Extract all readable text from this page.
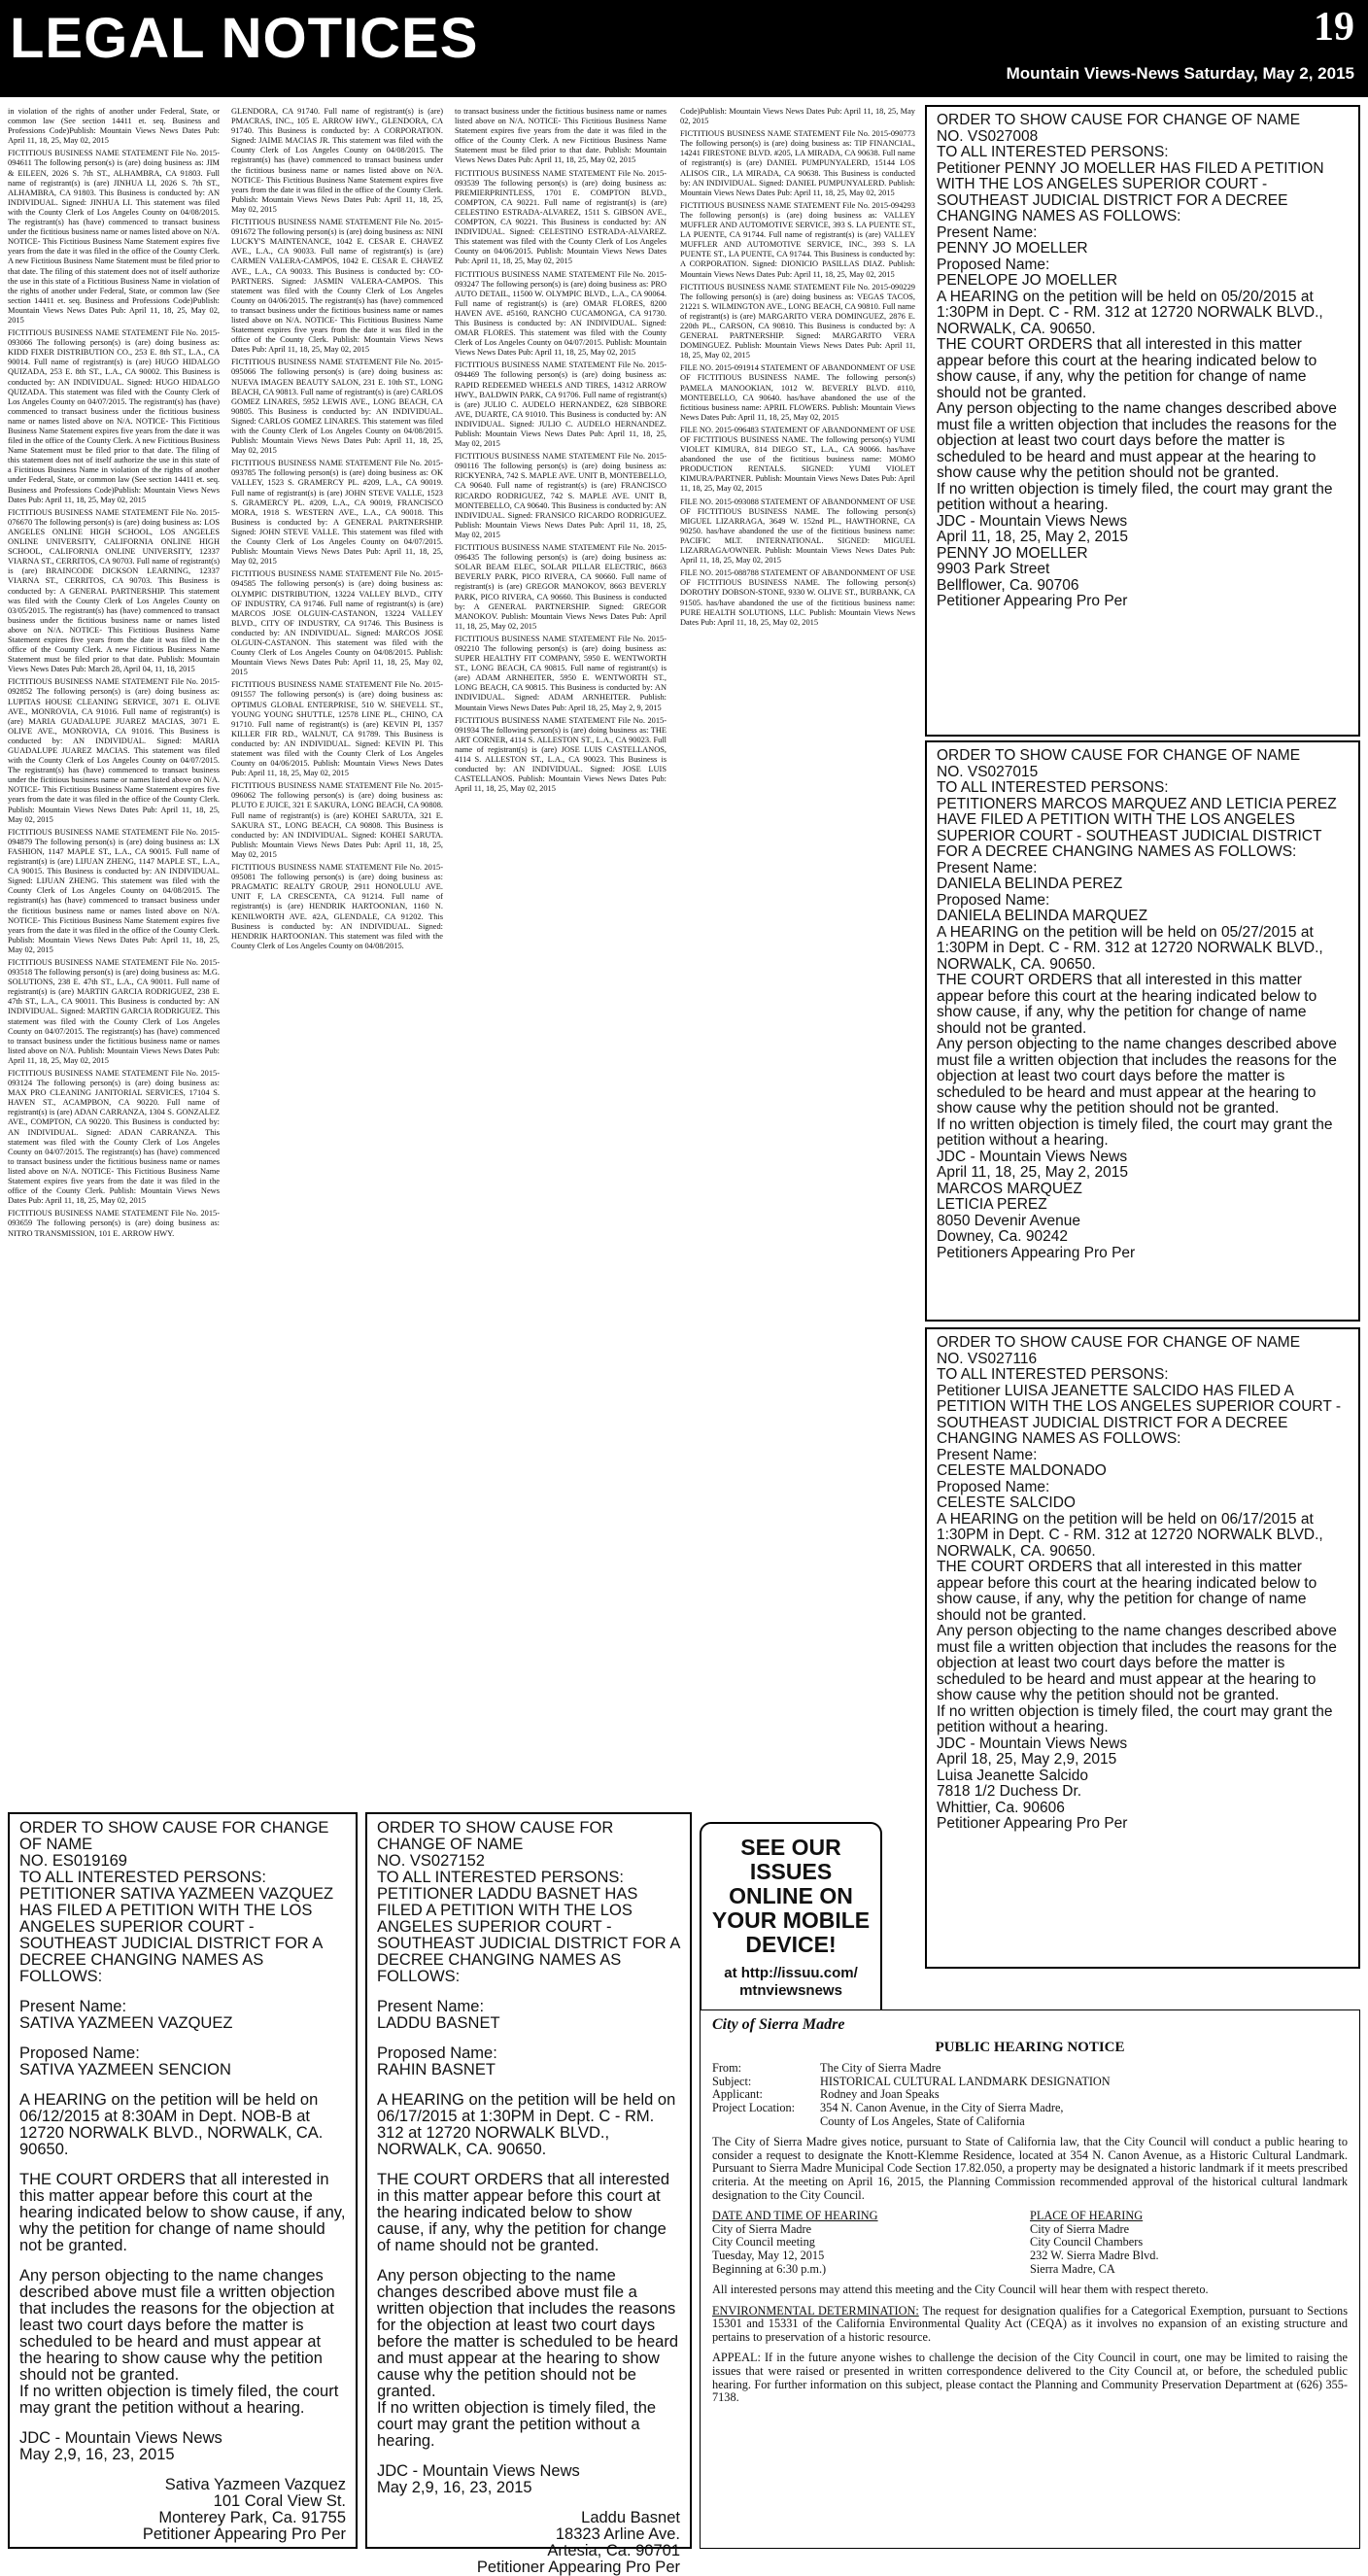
LEGAL NOTICES	19
Mountain Views-News Saturday, May 2, 2015

in violation of the rights of another under Federal, State, or common law (See section 14411 et. seq. Business and Professions Code)Publish: Mountain Views News Dates Pub: April 11, 18, 25, May 02, 2015

FICTITIOUS BUSINESS NAME STATEMENT File No. 2015-094611 The following person(s) is (are) doing business as: JIM & EILEEN, 2026 S. 7th ST., ALHAMBRA, CA 91803. Full name of registrant(s) is (are) JINHUA LI, 2026 S. 7th ST., ALHAMBRA, CA 91803. This Business is conducted by: AN INDIVIDUAL. Signed: JINHUA LI. This statement was filed with the County Clerk of Los Angeles County on 04/08/2015. The registrant(s) has (have) commenced to transact business under the fictitious business name or names listed above on N/A. NOTICE- This Fictitious Business Name Statement expires five years from the date it was filed in the office of the County Clerk. A new Fictitious Business Name Statement must be filed prior to that date. The filing of this statement does not of itself authorize the use in this state of a Fictitious Business Name in violation of the rights of another under Federal, State, or common law (See section 14411 et. seq. Business and Professions Code)Publish: Mountain Views News Dates Pub: April 11, 18, 25, May 02, 2015

FICTITIOUS BUSINESS NAME STATEMENT File No. 2015-093066 The following person(s) is (are) doing business as: KIDD FIXER DISTRIBUTION CO., 253 E. 8th ST., L.A., CA 90014. Full name of registrant(s) is (are) HUGO HIDALGO QUIZADA, 253 E. 8th ST., L.A., CA 90002. This Business is conducted by: AN INDIVIDUAL. Signed: HUGO HIDALGO QUIZADA. This statement was filed with the County Clerk of Los Angeles County on 04/07/2015. The registrant(s) has (have) commenced to transact business under the fictitious business name or names listed above on N/A. NOTICE- This Fictitious Business Name Statement expires five years from the date it was filed in the office of the County Clerk. A new Fictitious Business Name Statement must be filed prior to that date. The filing of this statement does not of itself authorize the use in this state of a Fictitious Business Name in violation of the rights of another under Federal, State, or common law (See section 14411 et. seq. Business and Professions Code)Publish: Mountain Views News Dates Pub: April 11, 18, 25, May 02, 2015

FICTITIOUS BUSINESS NAME STATEMENT File No. 2015-076670 The following person(s) is (are) doing business as: LOS ANGELES ONLINE HIGH SCHOOL, LOS ANGELES ONLINE UNIVERSITY, CALIFORNIA ONLINE HIGH SCHOOL, CALIFORNIA ONLINE UNIVERSITY, 12337 VIARNA ST., CERRITOS, CA 90703. Full name of registrant(s) is (are) BRAINCODE DICKSON LEARNING, 12337 VIARNA ST., CERRITOS, CA 90703. This Business is conducted by: A GENERAL PARTNERSHIP. This statement was filed with the County Clerk of Los Angeles County on 03/05/2015. The registrant(s) has (have) commenced to transact business under the fictitious business name or names listed above on N/A. NOTICE- This Fictitious Business Name Statement expires five years from the date it was filed in the office of the County Clerk. A new Fictitious Business Name Statement must be filed prior to that date. Publish: Mountain Views News Dates Pub: March 28, April 04, 11, 18, 2015

FICTITIOUS BUSINESS NAME STATEMENT File No. 2015-092852 The following person(s) is (are) doing business as: LUPITAS HOUSE CLEANING SERVICE, 3071 E. OLIVE AVE., MONROVIA, CA 91016. Full name of registrant(s) is (are) MARIA GUADALUPE JUAREZ MACIAS, 3071 E. OLIVE AVE., MONROVIA, CA 91016. This Business is conducted by: AN INDIVIDUAL. Signed: MARIA GUADALUPE JUAREZ MACIAS. This statement was filed with the County Clerk of Los Angeles County on 04/07/2015. The registrant(s) has (have) commenced to transact business under the fictitious business name or names listed above on N/A. NOTICE- This Fictitious Business Name Statement expires five years from the date it was filed in the office of the County Clerk. Publish: Mountain Views News Dates Pub: April 11, 18, 25, May 02, 2015

FICTITIOUS BUSINESS NAME STATEMENT File No. 2015-094879 The following person(s) is (are) doing business as: LX FASHION, 1147 MAPLE ST., L.A., CA 90015. Full name of registrant(s) is (are) LIJUAN ZHENG, 1147 MAPLE ST., L.A., CA 90015. This Business is conducted by: AN INDIVIDUAL. Signed: LIJUAN ZHENG. This statement was filed with the County Clerk of Los Angeles County on 04/08/2015. The registrant(s) has (have) commenced to transact business under the fictitious business name or names listed above on N/A. NOTICE- This Fictitious Business Name Statement expires five years from the date it was filed in the office of the County Clerk. Publish: Mountain Views News Dates Pub: April 11, 18, 25, May 02, 2015

FICTITIOUS BUSINESS NAME STATEMENT File No. 2015-093518 The following person(s) is (are) doing business as: M.G. SOLUTIONS, 238 E. 47th ST., L.A., CA 90011. Full name of registrant(s) is (are) MARTIN GARCIA RODRIGUEZ, 238 E. 47th ST., L.A., CA 90011. This Business is conducted by: AN INDIVIDUAL. Signed: MARTIN GARCIA RODRIGUEZ. This statement was filed with the County Clerk of Los Angeles County on 04/07/2015. The registrant(s) has (have) commenced to transact business under the fictitious business name or names listed above on N/A. Publish: Mountain Views News Dates Pub: April 11, 18, 25, May 02, 2015

FICTITIOUS BUSINESS NAME STATEMENT File No. 2015-093124 The following person(s) is (are) doing business as: MAX PRO CLEANING JANITORIAL SERVICES, 17104 S. HAVEN ST., ACAMPBON, CA 90220. Full name of registrant(s) is (are) ADAN CARRANZA, 1304 S. GONZALEZ AVE., COMPTON, CA 90220. This Business is conducted by: AN INDIVIDUAL. Signed: ADAN CARRANZA. This statement was filed with the County Clerk of Los Angeles County on 04/07/2015. The registrant(s) has (have) commenced to transact business under the fictitious business name or names listed above on N/A. NOTICE- This Fictitious Business Name Statement expires five years from the date it was filed in the office of the County Clerk. Publish: Mountain Views News Dates Pub: April 11, 18, 25, May 02, 2015

FICTITIOUS BUSINESS NAME STATEMENT File No. 2015-093659 The following person(s) is (are) doing business as: NITRO TRANSMISSION, 101 E. ARROW HWY.

GLENDORA, CA 91740. Full name of registrant(s) is (are) PMACRAS, INC., 105 E. ARROW HWY., GLENDORA, CA 91740. This Business is conducted by: A CORPORATION. Signed: JAIME MACIAS JR. This statement was filed with the County Clerk of Los Angeles County on 04/08/2015. The registrant(s) has (have) commenced to transact business under the fictitious business name or names listed above on N/A. NOTICE- This Fictitious Business Name Statement expires five years from the date it was filed in the office of the County Clerk. Publish: Mountain Views News Dates Pub: April 11, 18, 25, May 02, 2015

FICTITIOUS BUSINESS NAME STATEMENT File No. 2015-091672 The following person(s) is (are) doing business as: NINI LUCKY'S MAINTENANCE, 1042 E. CESAR E. CHAVEZ AVE., L.A., CA 90033. Full name of registrant(s) is (are) CARMEN VALERA-CAMPOS, 1042 E. CESAR E. CHAVEZ AVE., L.A., CA 90033. This Business is conducted by: CO-PARTNERS. Signed: JASMIN VALERA-CAMPOS. This statement was filed with the County Clerk of Los Angeles County on 04/06/2015. The registrant(s) has (have) commenced to transact business under the fictitious business name or names listed above on N/A. NOTICE- This Fictitious Business Name Statement expires five years from the date it was filed in the office of the County Clerk. Publish: Mountain Views News Dates Pub: April 11, 18, 25, May 02, 2015

FICTITIOUS BUSINESS NAME STATEMENT File No. 2015-095066 The following person(s) is (are) doing business as: NUEVA IMAGEN BEAUTY SALON, 231 E. 10th ST., LONG BEACH, CA 90813. Full name of registrant(s) is (are) CARLOS GOMEZ LINARES, 5952 LEWIS AVE., LONG BEACH, CA 90805. This Business is conducted by: AN INDIVIDUAL. Signed: CARLOS GOMEZ LINARES. This statement was filed with the County Clerk of Los Angeles County on 04/08/2015. Publish: Mountain Views News Dates Pub: April 11, 18, 25, May 02, 2015

FICTITIOUS BUSINESS NAME STATEMENT File No. 2015-093785 The following person(s) is (are) doing business as: OK VALLEY, 1523 S. GRAMERCY PL. #209, L.A., CA 90019. Full name of registrant(s) is (are) JOHN STEVE VALLE, 1523 S. GRAMERCY PL. #209, L.A., CA 90019, FRANCISCO MORA, 1918 S. WESTERN AVE., L.A., CA 90018. This Business is conducted by: A GENERAL PARTNERSHIP. Signed: JOHN STEVE VALLE. This statement was filed with the County Clerk of Los Angeles County on 04/07/2015. Publish: Mountain Views News Dates Pub: April 11, 18, 25, May 02, 2015

FICTITIOUS BUSINESS NAME STATEMENT File No. 2015-094585 The following person(s) is (are) doing business as: OLYMPIC DISTRIBUTION, 13224 VALLEY BLVD., CITY OF INDUSTRY, CA 91746. Full name of registrant(s) is (are) MARCOS JOSE OLGUIN-CASTANON, 13224 VALLEY BLVD., CITY OF INDUSTRY, CA 91746. This Business is conducted by: AN INDIVIDUAL. Signed: MARCOS JOSE OLGUIN-CASTANON. This statement was filed with the County Clerk of Los Angeles County on 04/08/2015. Publish: Mountain Views News Dates Pub: April 11, 18, 25, May 02, 2015

FICTITIOUS BUSINESS NAME STATEMENT File No. 2015-091557 The following person(s) is (are) doing business as: OPTIMUS GLOBAL ENTERPRISE, 510 W. SHEVELL ST., YOUNG YOUNG SHUTTLE, 12578 LINE PL., CHINO, CA 91710. Full name of registrant(s) is (are) KEVIN PI, 1357 KILLER FIR RD., WALNUT, CA 91789. This Business is conducted by: AN INDIVIDUAL. Signed: KEVIN PI. This statement was filed with the County Clerk of Los Angeles County on 04/06/2015. Publish: Mountain Views News Dates Pub: April 11, 18, 25, May 02, 2015

FICTITIOUS BUSINESS NAME STATEMENT File No. 2015-096062 The following person(s) is (are) doing business as: PLUTO E JUICE, 321 E SAKURA, LONG BEACH, CA 90808. Full name of registrant(s) is (are) KOHEI SARUTA, 321 E. SAKURA ST., LONG BEACH, CA 90808. This Business is conducted by: AN INDIVIDUAL. Signed: KOHEI SARUTA. Publish: Mountain Views News Dates Pub: April 11, 18, 25, May 02, 2015

FICTITIOUS BUSINESS NAME STATEMENT File No. 2015-095081 The following person(s) is (are) doing business as: PRAGMATIC REALTY GROUP, 2911 HONOLULU AVE. UNIT F, LA CRESCENTA, CA 91214. Full name of registrant(s) is (are) HENDRIK HARTOONIAN, 1160 N. KENILWORTH AVE. #2A, GLENDALE, CA 91202. This Business is conducted by: AN INDIVIDUAL. Signed: HENDRIK HARTOONIAN. This statement was filed with the County Clerk of Los Angeles County on 04/08/2015.

to transact business under the fictitious business name or names listed above on N/A. NOTICE- This Fictitious Business Name Statement expires five years from the date it was filed in the office of the County Clerk. A new Fictitious Business Name Statement must be filed prior to that date. Publish: Mountain Views News Dates Pub: April 11, 18, 25, May 02, 2015

FICTITIOUS BUSINESS NAME STATEMENT File No. 2015-093539 The following person(s) is (are) doing business as: PREMIERPRINTLESS, 1701 E. COMPTON BLVD., COMPTON, CA 90221. Full name of registrant(s) is (are) CELESTINO ESTRADA-ALVAREZ, 1511 S. GIBSON AVE., COMPTON, CA 90221. This Business is conducted by: AN INDIVIDUAL. Signed: CELESTINO ESTRADA-ALVAREZ. This statement was filed with the County Clerk of Los Angeles County on 04/06/2015. Publish: Mountain Views News Dates Pub: April 11, 18, 25, May 02, 2015

FICTITIOUS BUSINESS NAME STATEMENT File No. 2015-093247 The following person(s) is (are) doing business as: PRO AUTO DETAIL, 11500 W. OLYMPIC BLVD., L.A., CA 90064. Full name of registrant(s) is (are) OMAR FLORES, 8200 HAVEN AVE. #5160, RANCHO CUCAMONGA, CA 91730. This Business is conducted by: AN INDIVIDUAL. Signed: OMAR FLORES. This statement was filed with the County Clerk of Los Angeles County on 04/07/2015. Publish: Mountain Views News Dates Pub: April 11, 18, 25, May 02, 2015

FICTITIOUS BUSINESS NAME STATEMENT File No. 2015-094469 The following person(s) is (are) doing business as: RAPID REDEEMED WHEELS AND TIRES, 14312 ARROW HWY., BALDWIN PARK, CA 91706. Full name of registrant(s) is (are) JULIO C. AUDELO HERNANDEZ, 628 SIBBORE AVE, DUARTE, CA 91010. This Business is conducted by: AN INDIVIDUAL. Signed: JULIO C. AUDELO HERNANDEZ. Publish: Mountain Views News Dates Pub: April 11, 18, 25, May 02, 2015

FICTITIOUS BUSINESS NAME STATEMENT File No. 2015-090116 The following person(s) is (are) doing business as: RICKYENRA, 742 S. MAPLE AVE. UNIT B, MONTEBELLO, CA 90640. Full name of registrant(s) is (are) FRANCISCO RICARDO RODRIGUEZ, 742 S. MAPLE AVE. UNIT B, MONTEBELLO, CA 90640. This Business is conducted by: AN INDIVIDUAL. Signed: FRANSICO RICARDO RODRIGUEZ. Publish: Mountain Views News Dates Pub: April 11, 18, 25, May 02, 2015

FICTITIOUS BUSINESS NAME STATEMENT File No. 2015-096435 The following person(s) is (are) doing business as: SOLAR BEAM ELEC, SOLAR PILLAR ELECTRIC, 8663 BEVERLY PARK, PICO RIVERA, CA 90660. Full name of registrant(s) is (are) GREGOR MANOKOV, 8663 BEVERLY PARK, PICO RIVERA, CA 90660. This Business is conducted by: A GENERAL PARTNERSHIP. Signed: GREGOR MANOKOV. Publish: Mountain Views News Dates Pub: April 11, 18, 25, May 02, 2015

FICTITIOUS BUSINESS NAME STATEMENT File No. 2015-092210 The following person(s) is (are) doing business as: SUPER HEALTHY FIT COMPANY, 5950 E. WENTWORTH ST., LONG BEACH, CA 90815. Full name of registrant(s) is (are) ADAM ARNHEITER, 5950 E. WENTWORTH ST., LONG BEACH, CA 90815. This Business is conducted by: AN INDIVIDUAL. Signed: ADAM ARNHEITER. Publish: Mountain Views News Dates Pub: April 18, 25, May 2, 9, 2015

FICTITIOUS BUSINESS NAME STATEMENT File No. 2015-091934 The following person(s) is (are) doing business as: THE ART CORNER, 4114 S. ALLESTON ST., L.A., CA 90023. Full name of registrant(s) is (are) JOSE LUIS CASTELLANOS, 4114 S. ALLESTON ST., L.A., CA 90023. This Business is conducted by: AN INDIVIDUAL. Signed: JOSE LUIS CASTELLANOS. Publish: Mountain Views News Dates Pub: April 11, 18, 25, May 02, 2015

Code)Publish: Mountain Views News Dates Pub: April 11, 18, 25, May 02, 2015

FICTITIOUS BUSINESS NAME STATEMENT File No. 2015-090773 The following person(s) is (are) doing business as: TIP FINANCIAL, 14241 FIRESTONE BLVD. #205, LA MIRADA, CA 90638. Full name of registrant(s) is (are) DANIEL PUMPUNYALERD, 15144 LOS ALISOS CIR., LA MIRADA, CA 90638. This Business is conducted by: AN INDIVIDUAL. Signed: DANIEL PUMPUNYALERD. Publish: Mountain Views News Dates Pub: April 11, 18, 25, May 02, 2015

FICTITIOUS BUSINESS NAME STATEMENT File No. 2015-094293 The following person(s) is (are) doing business as: VALLEY MUFFLER AND AUTOMOTIVE SERVICE, 393 S. LA PUENTE ST., LA PUENTE, CA 91744. Full name of registrant(s) is (are) VALLEY MUFFLER AND AUTOMOTIVE SERVICE, INC., 393 S. LA PUENTE ST., LA PUENTE, CA 91744. This Business is conducted by: A CORPORATION. Signed: DIONICIO PASILLAS DIAZ. Publish: Mountain Views News Dates Pub: April 11, 18, 25, May 02, 2015

FICTITIOUS BUSINESS NAME STATEMENT File No. 2015-090229 The following person(s) is (are) doing business as: VEGAS TACOS, 21221 S. WILMINGTON AVE., LONG BEACH, CA 90810. Full name of registrant(s) is (are) MARGARITO VERA DOMINGUEZ, 2876 E. 220th PL., CARSON, CA 90810. This Business is conducted by: A GENERAL PARTNERSHIP. Signed: MARGARITO VERA DOMINGUEZ. Publish: Mountain Views News Dates Pub: April 11, 18, 25, May 02, 2015

FILE NO. 2015-091914 STATEMENT OF ABANDONMENT OF USE OF FICTITIOUS BUSINESS NAME. The following person(s) PAMELA MANOOKIAN, 1012 W. BEVERLY BLVD. #110, MONTEBELLO, CA 90640. has/have abandoned the use of the fictitious business name: APRIL FLOWERS. Publish: Mountain Views News Dates Pub: April 11, 18, 25, May 02, 2015

FILE NO. 2015-096483 STATEMENT OF ABANDONMENT OF USE OF FICTITIOUS BUSINESS NAME. The following person(s) YUMI VIOLET KIMURA, 814 DIEGO ST., L.A., CA 90066. has/have abandoned the use of the fictitious business name: MOMO PRODUCTION RENTALS. SIGNED: YUMI VIOLET KIMURA/PARTNER. Publish: Mountain Views News Dates Pub: April 11, 18, 25, May 02, 2015

FILE NO. 2015-093088 STATEMENT OF ABANDONMENT OF USE OF FICTITIOUS BUSINESS NAME. The following person(s) MIGUEL LIZARRAGA, 3649 W. 152nd PL., HAWTHORNE, CA 90250. has/have abandoned the use of the fictitious business name: PACIFIC MLT. INTERNATIONAL. SIGNED: MIGUEL LIZARRAGA/OWNER. Publish: Mountain Views News Dates Pub: April 11, 18, 25, May 02, 2015

FILE NO. 2015-088788 STATEMENT OF ABANDONMENT OF USE OF FICTITIOUS BUSINESS NAME. The following person(s) DOROTHY DOBSON-STONE, 9330 W. OLIVE ST., BURBANK, CA 91505. has/have abandoned the use of the fictitious business name: PURE HEALTH SOLUTIONS, LLC. Publish: Mountain Views News Dates Pub: April 11, 18, 25, May 02, 2015

ORDER TO SHOW CAUSE FOR CHANGE OF NAME

NO. VS027008

TO ALL INTERESTED PERSONS:

Petitioner PENNY JO MOELLER HAS FILED A PETITION WITH THE LOS ANGELES SUPERIOR COURT - SOUTHEAST JUDICIAL DISTRICT FOR A DECREE CHANGING NAMES AS FOLLOWS:

Present Name:

PENNY JO MOELLER

Proposed Name:

PENELOPE JO MOELLER

A HEARING on the petition will be held on 05/20/2015 at 1:30PM in Dept. C - RM. 312 at 12720 NORWALK BLVD., NORWALK, CA. 90650.

THE COURT ORDERS that all interested in this matter appear before this court at the hearing indicated below to show cause, if any, why the petition for change of name should not be granted.

Any person objecting to the name changes described above must file a written objection that includes the reasons for the objection at least two court days before the matter is scheduled to be heard and must appear at the hearing to show cause why the petition should not be granted.

If no written objection is timely filed, the court may grant the petition without a hearing.

JDC - Mountain Views News

April 11, 18, 25, May 2, 2015

PENNY JO MOELLER

9903 Park Street

Bellflower, Ca. 90706

Petitioner Appearing Pro Per

ORDER TO SHOW CAUSE FOR CHANGE OF NAME

NO. VS027015

TO ALL INTERESTED PERSONS:

PETITIONERS MARCOS MARQUEZ AND LETICIA PEREZ HAVE FILED A PETITION WITH THE LOS ANGELES SUPERIOR COURT - SOUTHEAST JUDICIAL DISTRICT FOR A DECREE CHANGING NAMES AS FOLLOWS:

Present Name:

DANIELA BELINDA PEREZ

Proposed Name:

DANIELA BELINDA MARQUEZ

A HEARING on the petition will be held on 05/27/2015 at 1:30PM in Dept. C - RM. 312 at 12720 NORWALK BLVD., NORWALK, CA. 90650.

THE COURT ORDERS that all interested in this matter appear before this court at the hearing indicated below to show cause, if any, why the petition for change of name should not be granted.

Any person objecting to the name changes described above must file a written objection that includes the reasons for the objection at least two court days before the matter is scheduled to be heard and must appear at the hearing to show cause why the petition should not be granted.

If no written objection is timely filed, the court may grant the petition without a hearing.

JDC - Mountain Views News

April 11, 18, 25, May 2, 2015

MARCOS MARQUEZ

LETICIA PEREZ

8050 Devenir Avenue

Downey, Ca. 90242

Petitioners Appearing Pro Per

ORDER TO SHOW CAUSE FOR CHANGE OF NAME

NO. VS027116

TO ALL INTERESTED PERSONS:

Petitioner LUISA JEANETTE SALCIDO HAS FILED A PETITION WITH THE LOS ANGELES SUPERIOR COURT - SOUTHEAST JUDICIAL DISTRICT FOR A DECREE CHANGING NAMES AS FOLLOWS:

Present Name:

CELESTE MALDONADO

Proposed Name:

CELESTE SALCIDO

A HEARING on the petition will be held on 06/17/2015 at 1:30PM in Dept. C - RM. 312 at 12720 NORWALK BLVD., NORWALK, CA. 90650.

THE COURT ORDERS that all interested in this matter appear before this court at the hearing indicated below to show cause, if any, why the petition for change of name should not be granted.

Any person objecting to the name changes described above must file a written objection that includes the reasons for the objection at least two court days before the matter is scheduled to be heard and must appear at the hearing to show cause why the petition should not be granted.

If no written objection is timely filed, the court may grant the petition without a hearing.

JDC - Mountain Views News

April 18, 25, May 2,9, 2015

Luisa Jeanette Salcido

7818 1/2 Duchess Dr.

Whittier, Ca. 90606

Petitioner Appearing Pro Per

ORDER TO SHOW CAUSE FOR CHANGE OF NAME

NO. ES019169

TO ALL INTERESTED PERSONS:

PETITIONER SATIVA YAZMEEN VAZQUEZ HAS FILED A PETITION WITH THE LOS ANGELES SUPERIOR COURT - SOUTHEAST JUDICIAL DISTRICT FOR A DECREE CHANGING NAMES AS FOLLOWS:

Present Name:

SATIVA YAZMEEN VAZQUEZ

Proposed Name:

SATIVA YAZMEEN SENCION

A HEARING on the petition will be held on 06/12/2015 at 8:30AM in Dept. NOB-B at 12720 NORWALK BLVD., NORWALK, CA. 90650.

THE COURT ORDERS that all interested in this matter appear before this court at the hearing indicated below to show cause, if any, why the petition for change of name should not be granted.

Any person objecting to the name changes described above must file a written objection that includes the reasons for the objection at least two court days before the matter is scheduled to be heard and must appear at the hearing to show cause why the petition should not be granted.

If no written objection is timely filed, the court may grant the petition without a hearing.

JDC - Mountain Views News

May 2,9, 16, 23, 2015

Sativa Yazmeen Vazquez

101 Coral View St.

Monterey Park, Ca. 91755

Petitioner Appearing Pro Per

ORDER TO SHOW CAUSE FOR CHANGE OF NAME

NO. VS027152

TO ALL INTERESTED PERSONS:

PETITIONER LADDU BASNET HAS FILED A PETITION WITH THE LOS ANGELES SUPERIOR COURT - SOUTHEAST JUDICIAL DISTRICT FOR A DECREE CHANGING NAMES AS FOLLOWS:

Present Name:

LADDU BASNET

Proposed Name:

RAHIN BASNET

A HEARING on the petition will be held on 06/17/2015 at 1:30PM in Dept. C - RM. 312 at 12720 NORWALK BLVD., NORWALK, CA. 90650.

THE COURT ORDERS that all interested in this matter appear before this court at the hearing indicated below to show cause, if any, why the petition for change of name should not be granted.

Any person objecting to the name changes described above must file a written objection that includes the reasons for the objection at least two court days before the matter is scheduled to be heard and must appear at the hearing to show cause why the petition should not be granted.

If no written objection is timely filed, the court may grant the petition without a hearing.

JDC - Mountain Views News

May 2,9, 16, 23, 2015

Laddu Basnet

18323 Arline Ave.

Artesia, Ca. 90701

Petitioner Appearing Pro Per

SEE OUR
ISSUES
ONLINE ON
YOUR MOBILE
DEVICE!
at http://issuu.com/
mtnviewsnews
City of Sierra Madre
PUBLIC HEARING NOTICE
From:	The City of Sierra Madre
Subject:	HISTORICAL CULTURAL LANDMARK DESIGNATION
Applicant:	Rodney and Joan Speaks
Project Location:	354 N. Canon Avenue, in the City of Sierra Madre,
County of Los Angeles, State of California
The City of Sierra Madre gives notice, pursuant to State of California law, that the City Council will conduct a public hearing to consider a request to designate the Knott-Klemme Residence, located at 354 N. Canon Avenue, as a Historic Cultural Landmark. Pursuant to Sierra Madre Municipal Code Section 17.82.050, a property may be designated a historic landmark if it meets prescribed criteria. At the meeting on April 16, 2015, the Planning Commission recommended approval of the historical cultural landmark designation to the City Council.
DATE AND TIME OF HEARING
City of Sierra Madre
City Council meeting
Tuesday, May 12, 2015
Beginning at 6:30 p.m.)

PLACE OF HEARING
City of Sierra Madre
City Council Chambers
232 W. Sierra Madre Blvd.
Sierra Madre, CA
All interested persons may attend this meeting and the City Council will hear them with respect thereto.
ENVIRONMENTAL DETERMINATION: The request for designation qualifies for a Categorical Exemption, pursuant to Sections 15301 and 15331 of the California Environmental Quality Act (CEQA) as it involves no expansion of an existing structure and pertains to preservation of a historic resource.
APPEAL: If in the future anyone wishes to challenge the decision of the City Council in court, one may be limited to raising the issues that were raised or presented in written correspondence delivered to the City Council at, or before, the scheduled public hearing. For further information on this subject, please contact the Planning and Community Preservation Department at (626) 355-7138.
